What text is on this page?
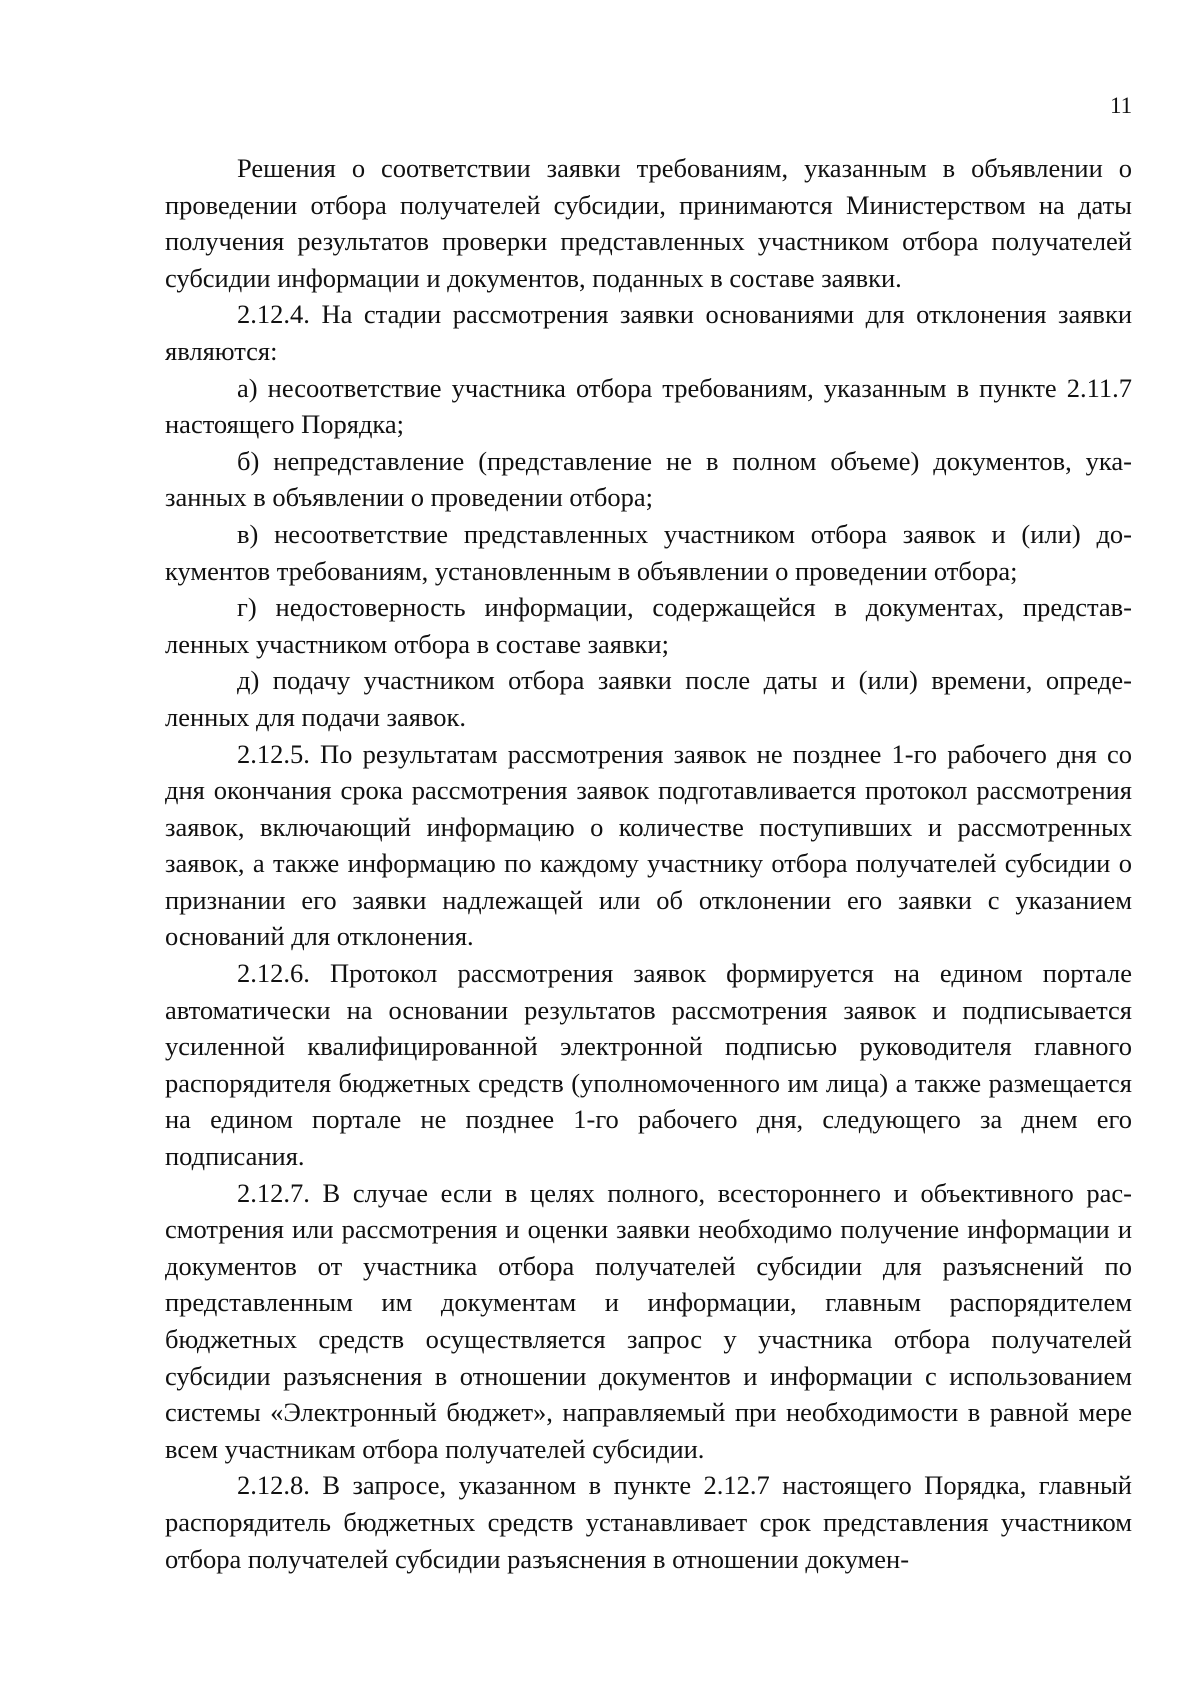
11

Решения о соответствии заявки требованиям, указанным в объявлении о проведении отбора получателей субсидии, принимаются Министерством на даты получения результатов проверки представленных участником отбора получателей субсидии информации и документов, поданных в составе заявки.

2.12.4. На стадии рассмотрения заявки основаниями для отклонения заявки являются:

а) несоответствие участника отбора требованиям, указанным в пункте 2.11.7 настоящего Порядка;

б) непредставление (представление не в полном объеме) документов, указанных в объявлении о проведении отбора;

в) несоответствие представленных участником отбора заявок и (или) документов требованиям, установленным в объявлении о проведении отбора;

г) недостоверность информации, содержащейся в документах, представленных участником отбора в составе заявки;

д) подачу участником отбора заявки после даты и (или) времени, определенных для подачи заявок.

2.12.5. По результатам рассмотрения заявок не позднее 1-го рабочего дня со дня окончания срока рассмотрения заявок подготавливается протокол рассмотрения заявок, включающий информацию о количестве поступивших и рассмотренных заявок, а также информацию по каждому участнику отбора получателей субсидии о признании его заявки надлежащей или об отклонении его заявки с указанием оснований для отклонения.

2.12.6. Протокол рассмотрения заявок формируется на едином портале автоматически на основании результатов рассмотрения заявок и подписывается усиленной квалифицированной электронной подписью руководителя главного распорядителя бюджетных средств (уполномоченного им лица) а также размещается на едином портале не позднее 1-го рабочего дня, следующего за днем его подписания.

2.12.7. В случае если в целях полного, всестороннего и объективного рассмотрения или рассмотрения и оценки заявки необходимо получение информации и документов от участника отбора получателей субсидии для разъяснений по представленным им документам и информации, главным распорядителем бюджетных средств осуществляется запрос у участника отбора получателей субсидии разъяснения в отношении документов и информации с использованием системы «Электронный бюджет», направляемый при необходимости в равной мере всем участникам отбора получателей субсидии.

2.12.8. В запросе, указанном в пункте 2.12.7 настоящего Порядка, главный распорядитель бюджетных средств устанавливает срок представления участником отбора получателей субсидии разъяснения в отношении докумен-
